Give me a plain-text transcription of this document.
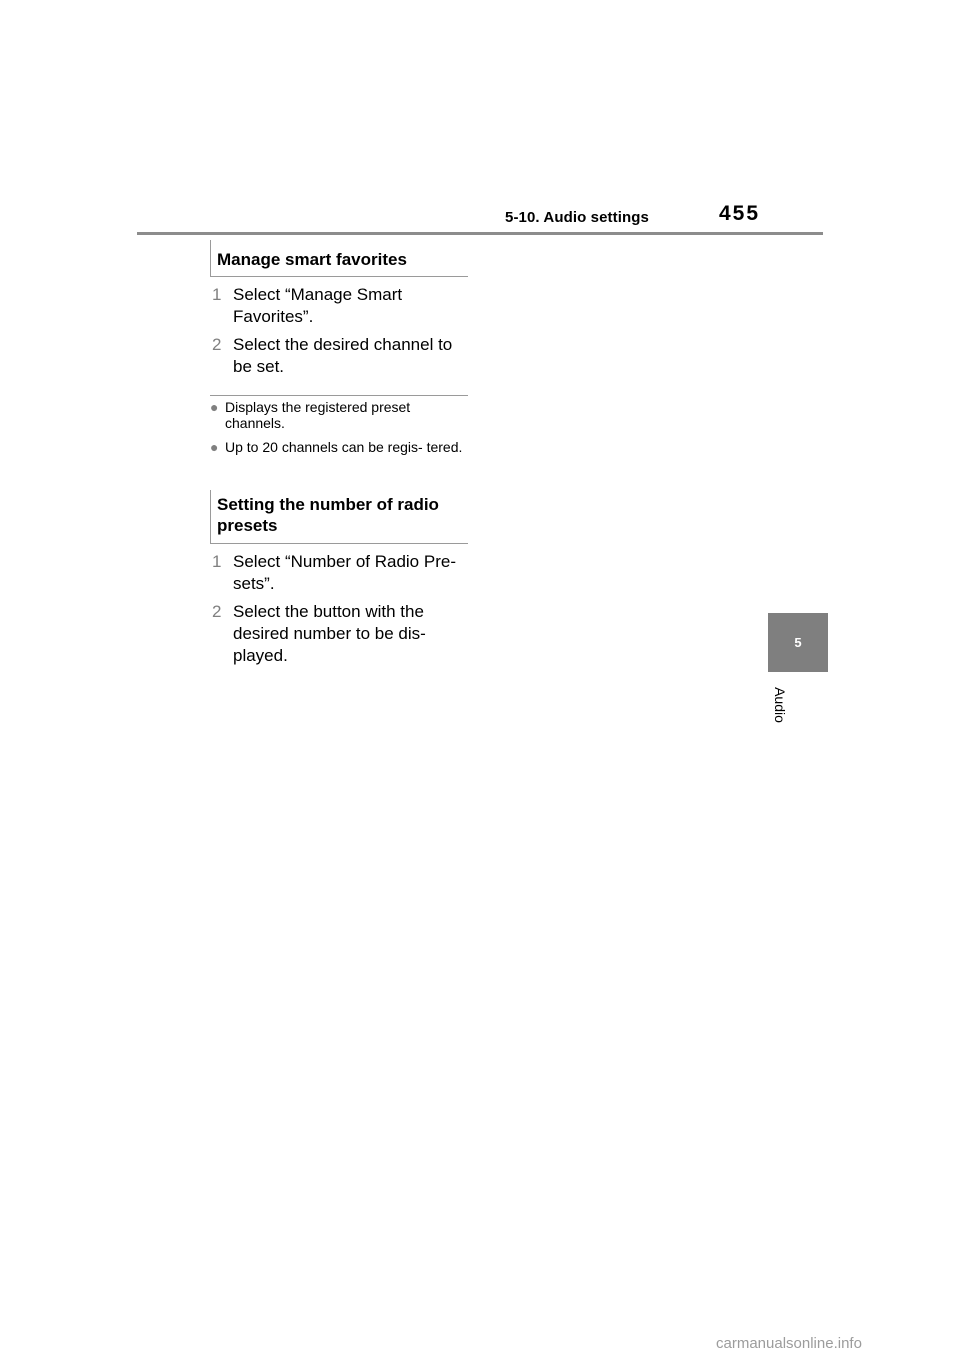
5-10. Audio settings	455
5
Audio
Manage smart favorites
1 Select “Manage Smart Favorites”.
2 Select the desired channel to be set.
● Displays the registered preset channels.
● Up to 20 channels can be regis- tered.
Setting the number of radio presets
1 Select “Number of Radio Pre- sets”.
2 Select the button with the desired number to be dis- played.
carmanualsonline.info
